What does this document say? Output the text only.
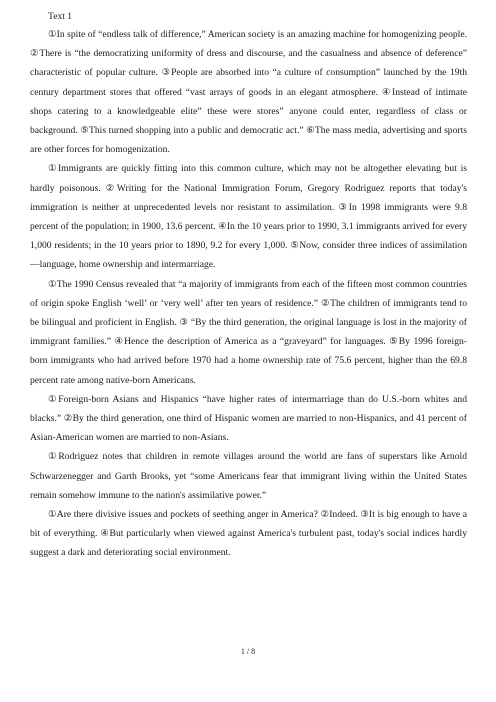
Text 1

①In spite of “endless talk of difference,” American society is an amazing machine for homogenizing people. ②There is “the democratizing uniformity of dress and discourse, and the casualness and absence of deference” characteristic of popular culture. ③People are absorbed into “a culture of consumption” launched by the 19th century department stores that offered “vast arrays of goods in an elegant atmosphere. ④Instead of intimate shops catering to a knowledgeable elite” these were stores” anyone could enter, regardless of class or background. ⑤This turned shopping into a public and democratic act.” ⑥The mass media, advertising and sports are other forces for homogenization.

①Immigrants are quickly fitting into this common culture, which may not be altogether elevating but is hardly poisonous. ②Writing for the National Immigration Forum, Gregory Rodriguez reports that today's immigration is neither at unprecedented levels nor resistant to assimilation. ③In 1998 immigrants were 9.8 percent of the population; in 1900, 13.6 percent. ④In the 10 years prior to 1990, 3.1 immigrants arrived for every 1,000 residents; in the 10 years prior to 1890, 9.2 for every 1,000. ⑤Now, consider three indices of assimilation—language, home ownership and intermarriage.

①The 1990 Census revealed that “a majority of immigrants from each of the fifteen most common countries of origin spoke English ‘well’ or ‘very well’ after ten years of residence.” ②The children of immigrants tend to be bilingual and proficient in English. ③ “By the third generation, the original language is lost in the majority of immigrant families.” ④Hence the description of America as a “graveyard” for languages. ⑤By 1996 foreign-born immigrants who had arrived before 1970 had a home ownership rate of 75.6 percent, higher than the 69.8 percent rate among native-born Americans.

①Foreign-born Asians and Hispanics “have higher rates of intermarriage than do U.S.-born whites and blacks.” ②By the third generation, one third of Hispanic women are married to non-Hispanics, and 41 percent of Asian-American women are married to non-Asians.

①Rodriguez notes that children in remote villages around the world are fans of superstars like Arnold Schwarzenegger and Garth Brooks, yet “some Americans fear that immigrant living within the United States remain somehow immune to the nation's assimilative power.”

①Are there divisive issues and pockets of seething anger in America? ②Indeed. ③It is big enough to have a bit of everything. ④But particularly when viewed against America's turbulent past, today's social indices hardly suggest a dark and deteriorating social environment.

1 / 8
